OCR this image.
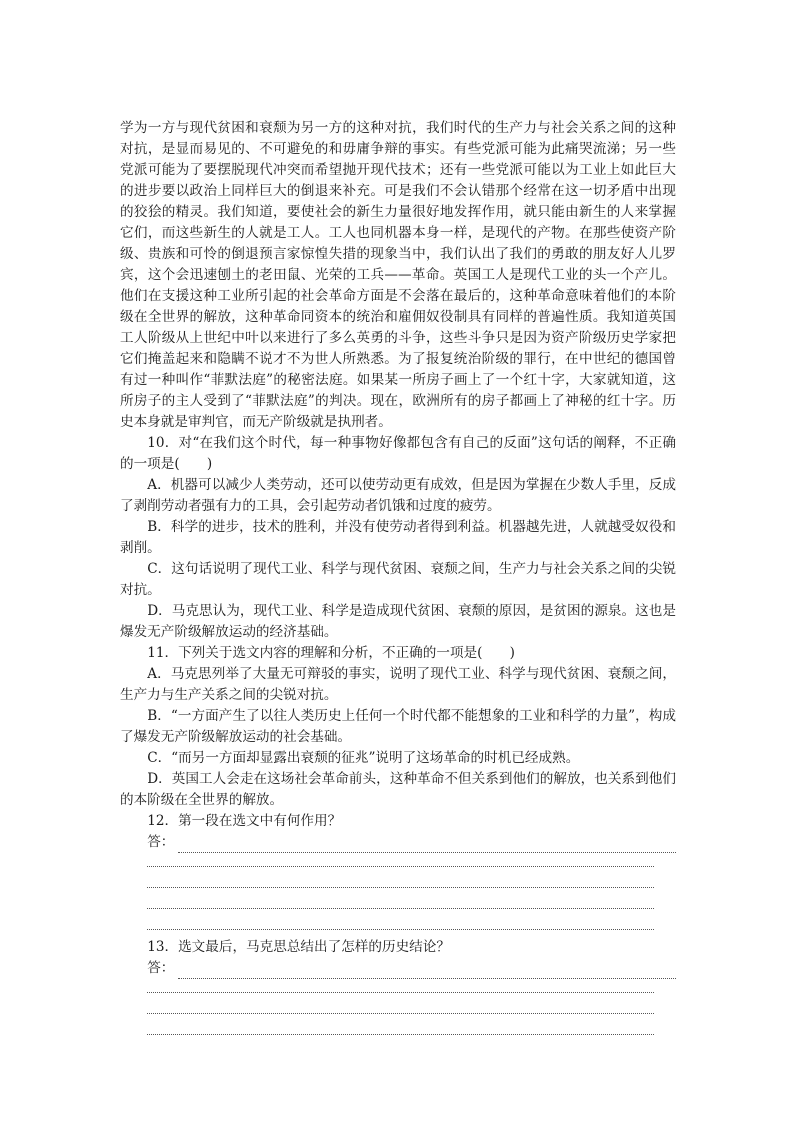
学为一方与现代贫困和衰颓为另一方的这种对抗，我们时代的生产力与社会关系之间的这种对抗，是显而易见的、不可避免的和毋庸争辩的事实。有些党派可能为此痛哭流涕；另一些党派可能为了要摆脱现代冲突而希望抛开现代技术；还有一些党派可能以为工业上如此巨大的进步要以政治上同样巨大的倒退来补充。可是我们不会认错那个经常在这一切矛盾中出现的狡狯的精灵。我们知道，要使社会的新生力量很好地发挥作用，就只能由新生的人来掌握它们，而这些新生的人就是工人。工人也同机器本身一样，是现代的产物。在那些使资产阶级、贵族和可怜的倒退预言家惊惶失措的现象当中，我们认出了我们的勇敢的朋友好人儿罗宾，这个会迅速刨土的老田鼠、光荣的工兵——革命。英国工人是现代工业的头一个产儿。他们在支援这种工业所引起的社会革命方面是不会落在最后的，这种革命意味着他们的本阶级在全世界的解放，这种革命同资本的统治和雇佣奴役制具有同样的普遍性质。我知道英国工人阶级从上世纪中叶以来进行了多么英勇的斗争，这些斗争只是因为资产阶级历史学家把它们掩盖起来和隐瞒不说才不为世人所熟悉。为了报复统治阶级的罪行，在中世纪的德国曾有过一种叫作“菲默法庭”的秘密法庭。如果某一所房子画上了一个红十字，大家就知道，这所房子的主人受到了“菲默法庭”的判决。现在，欧洲所有的房子都画上了神秘的红十字。历史本身就是审判官，而无产阶级就是执刑者。

10．对“在我们这个时代，每一种事物好像都包含有自己的反面”这句话的阐释，不正确的一项是(　　)

A．机器可以减少人类劳动，还可以使劳动更有成效，但是因为掌握在少数人手里，反成了剥削劳动者强有力的工具，会引起劳动者饥饿和过度的疲劳。

B．科学的进步，技术的胜利，并没有使劳动者得到利益。机器越先进，人就越受奴役和剥削。

C．这句话说明了现代工业、科学与现代贫困、衰颓之间，生产力与社会关系之间的尖锐对抗。

D．马克思认为，现代工业、科学是造成现代贫困、衰颓的原因，是贫困的源泉。这也是爆发无产阶级解放运动的经济基础。

11．下列关于选文内容的理解和分析，不正确的一项是(　　)

A．马克思列举了大量无可辩驳的事实，说明了现代工业、科学与现代贫困、衰颓之间，生产力与生产关系之间的尖锐对抗。

B．“一方面产生了以往人类历史上任何一个时代都不能想象的工业和科学的力量”，构成了爆发无产阶级解放运动的社会基础。

C．“而另一方面却显露出衰颓的征兆”说明了这场革命的时机已经成熟。

D．英国工人会走在这场社会革命前头，这种革命不但关系到他们的解放，也关系到他们的本阶级在全世界的解放。

12．第一段在选文中有何作用？

答：

13．选文最后，马克思总结出了怎样的历史结论？

答：
